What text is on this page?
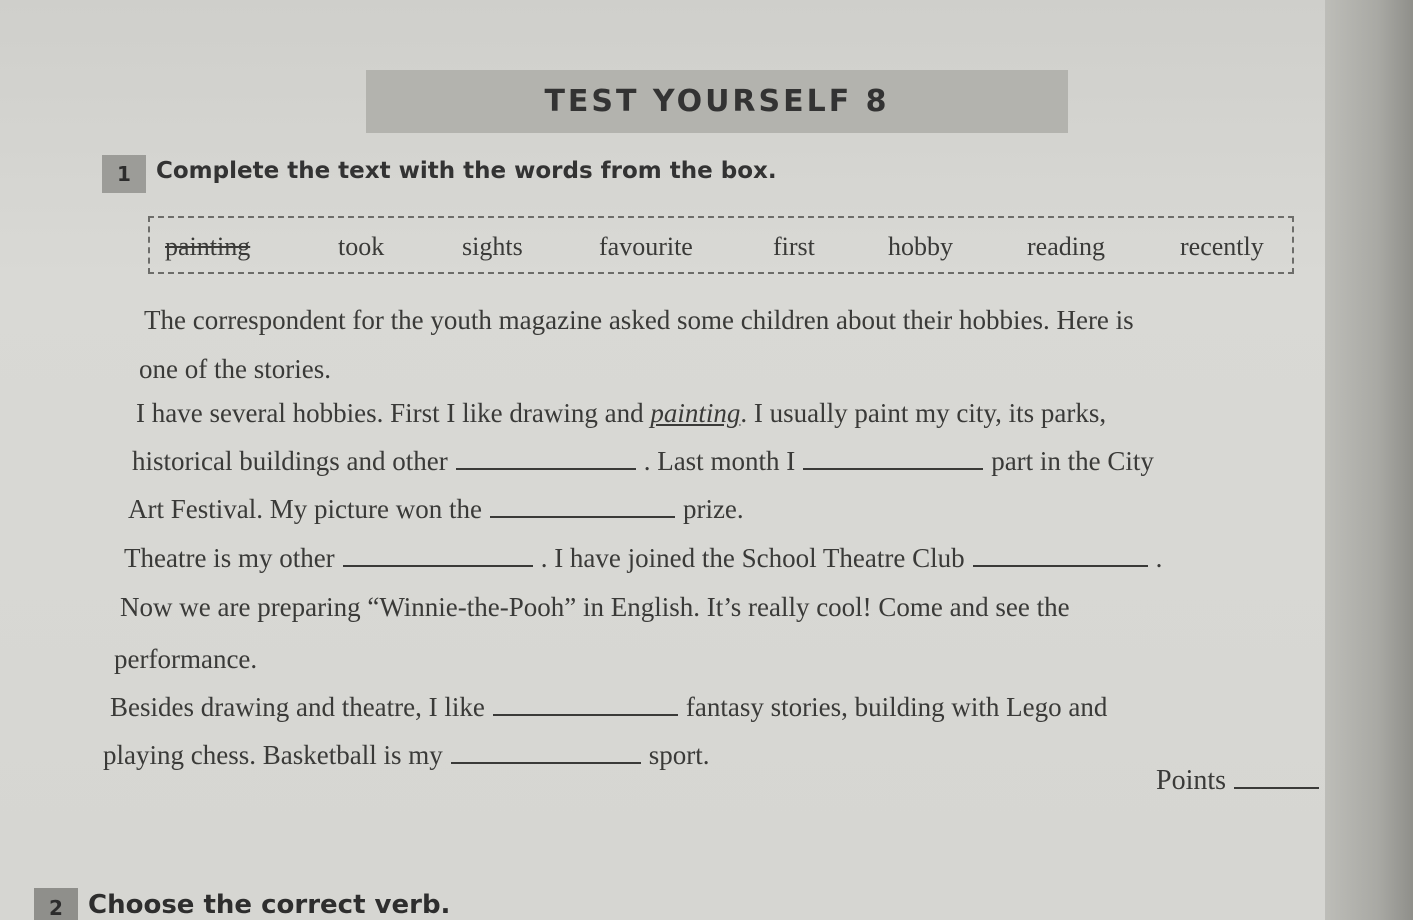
TEST YOURSELF 8
1	Complete the text with the words from the box.
painting	took	sights	favourite	first	hobby	reading	recently
The correspondent for the youth magazine asked some children about their hobbies. Here is
one of the stories.
I have several hobbies. First I like drawing and painting. I usually paint my city, its parks,
historical buildings and other	. Last month I	part in the City
Art Festival. My picture won the	prize.
Theatre is my other	. I have joined the School Theatre Club	.
Now we are preparing “Winnie-the-Pooh” in English. It’s really cool! Come and see the
performance.
Besides drawing and theatre, I like	fantasy stories, building with Lego and
playing chess. Basketball is my	sport.
Points
2 Choose the correct verb.
